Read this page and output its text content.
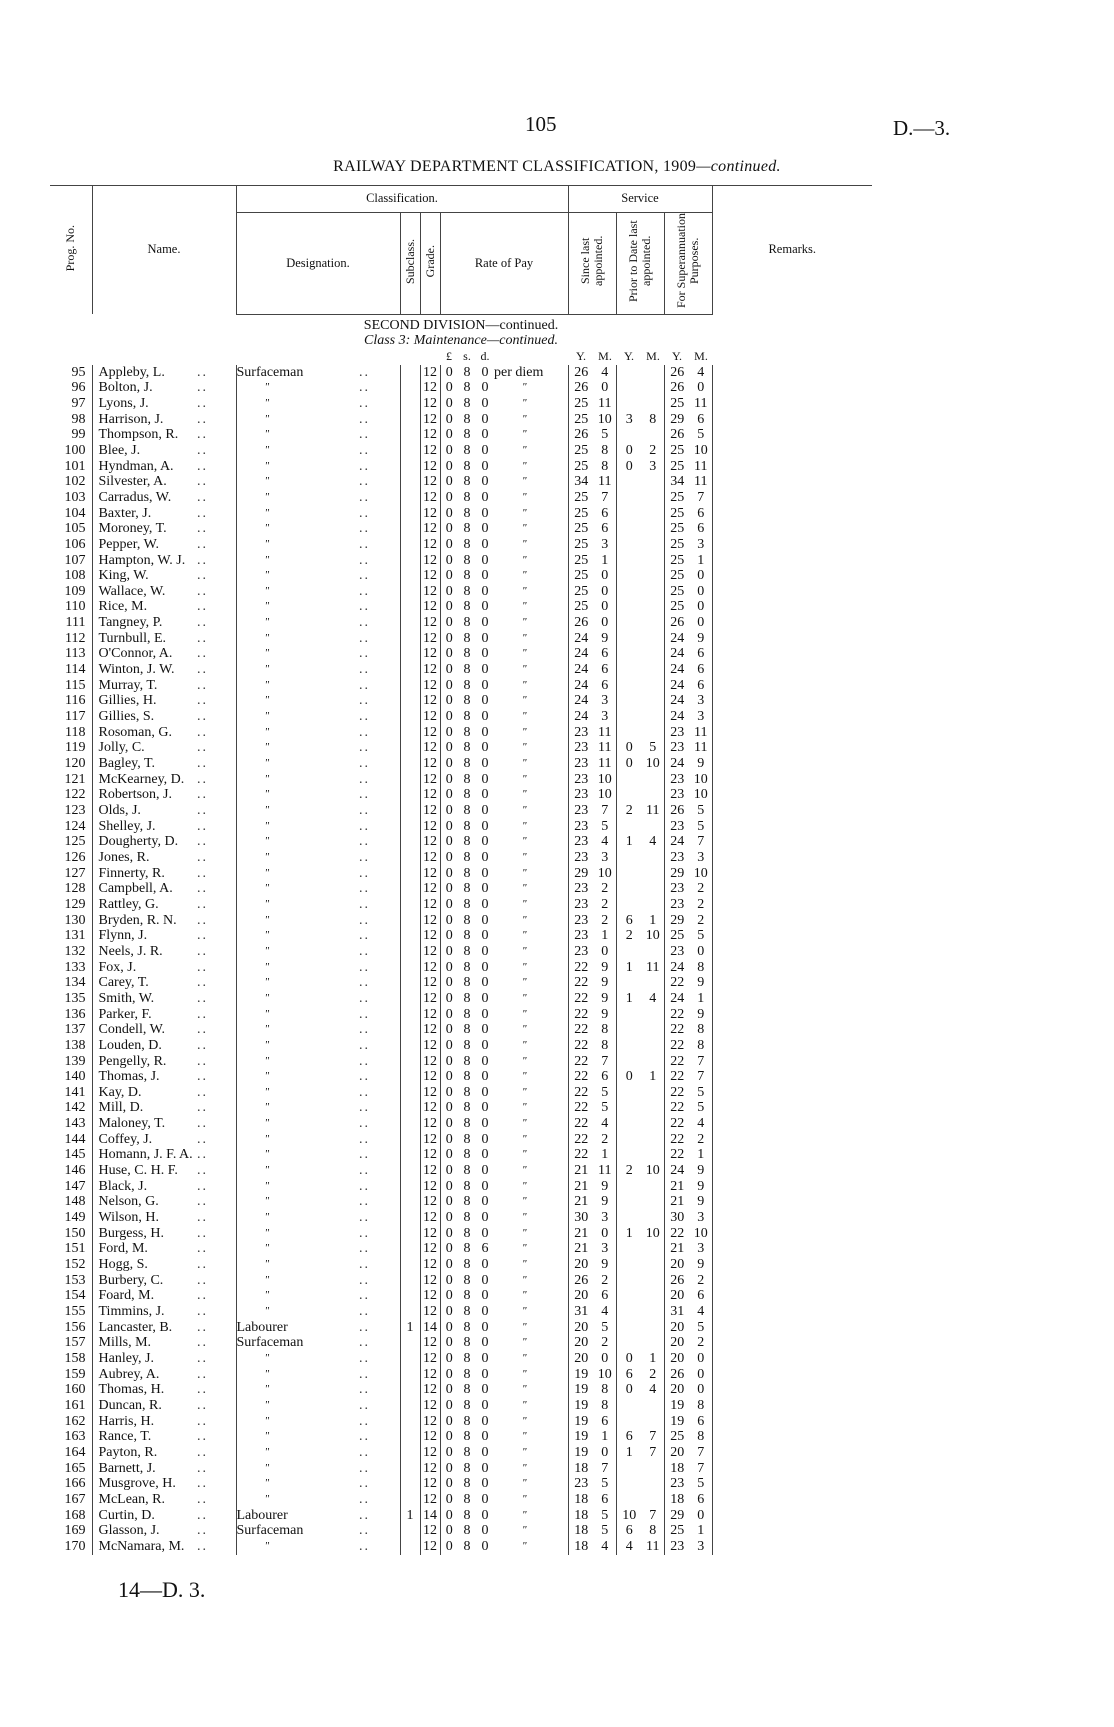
105	D.—3.
RAILWAY DEPARTMENT CLASSIFICATION, 1909—continued.
Prog. No.	Name.		Classification.								Service						Remarks.
			Designation.		Subclass.	Grade.	Rate of Pay				Since last appointed.		Prior to Date last appointed.		For Superannuation Purposes.		
SECOND DIVISION—continued.																	
Class 3: Maintenance—continued.																	
							£	s.	d.		Y.	M.	Y.	M.	Y.	M.	
95	Appleby, L.	..	Surfaceman	..		12	0	8	0	per diem	26	4			26	4	
96	Bolton, J.	..	"	..		12	0	8	0	"	26	0			26	0	
97	Lyons, J.	..	"	..		12	0	8	0	"	25	11			25	11	
98	Harrison, J.	..	"	..		12	0	8	0	"	25	10	3	8	29	6	
99	Thompson, R.	..	"	..		12	0	8	0	"	26	5			26	5	
100	Blee, J.	..	"	..		12	0	8	0	"	25	8	0	2	25	10	
101	Hyndman, A.	..	"	..		12	0	8	0	"	25	8	0	3	25	11	
102	Silvester, A.	..	"	..		12	0	8	0	"	34	11			34	11	
103	Carradus, W.	..	"	..		12	0	8	0	"	25	7			25	7	
104	Baxter, J.	..	"	..		12	0	8	0	"	25	6			25	6	
105	Moroney, T.	..	"	..		12	0	8	0	"	25	6			25	6	
106	Pepper, W.	..	"	..		12	0	8	0	"	25	3			25	3	
107	Hampton, W. J.	..	"	..		12	0	8	0	"	25	1			25	1	
108	King, W.	..	"	..		12	0	8	0	"	25	0			25	0	
109	Wallace, W.	..	"	..		12	0	8	0	"	25	0			25	0	
110	Rice, M.	..	"	..		12	0	8	0	"	25	0			25	0	
111	Tangney, P.	..	"	..		12	0	8	0	"	26	0			26	0	
112	Turnbull, E.	..	"	..		12	0	8	0	"	24	9			24	9	
113	O'Connor, A.	..	"	..		12	0	8	0	"	24	6			24	6	
114	Winton, J. W.	..	"	..		12	0	8	0	"	24	6			24	6	
115	Murray, T.	..	"	..		12	0	8	0	"	24	6			24	6	
116	Gillies, H.	..	"	..		12	0	8	0	"	24	3			24	3	
117	Gillies, S.	..	"	..		12	0	8	0	"	24	3			24	3	
118	Rosoman, G.	..	"	..		12	0	8	0	"	23	11			23	11	
119	Jolly, C.	..	"	..		12	0	8	0	"	23	11	0	5	23	11	
120	Bagley, T.	..	"	..		12	0	8	0	"	23	11	0	10	24	9	
121	McKearney, D.	..	"	..		12	0	8	0	"	23	10			23	10	
122	Robertson, J.	..	"	..		12	0	8	0	"	23	10			23	10	
123	Olds, J.	..	"	..		12	0	8	0	"	23	7	2	11	26	5	
124	Shelley, J.	..	"	..		12	0	8	0	"	23	5			23	5	
125	Dougherty, D.	..	"	..		12	0	8	0	"	23	4	1	4	24	7	
126	Jones, R.	..	"	..		12	0	8	0	"	23	3			23	3	
127	Finnerty, R.	..	"	..		12	0	8	0	"	29	10			29	10	
128	Campbell, A.	..	"	..		12	0	8	0	"	23	2			23	2	
129	Rattley, G.	..	"	..		12	0	8	0	"	23	2			23	2	
130	Bryden, R. N.	..	"	..		12	0	8	0	"	23	2	6	1	29	2	
131	Flynn, J.	..	"	..		12	0	8	0	"	23	1	2	10	25	5	
132	Neels, J. R.	..	"	..		12	0	8	0	"	23	0			23	0	
133	Fox, J.	..	"	..		12	0	8	0	"	22	9	1	11	24	8	
134	Carey, T.	..	"	..		12	0	8	0	"	22	9			22	9	
135	Smith, W.	..	"	..		12	0	8	0	"	22	9	1	4	24	1	
136	Parker, F.	..	"	..		12	0	8	0	"	22	9			22	9	
137	Condell, W.	..	"	..		12	0	8	0	"	22	8			22	8	
138	Louden, D.	..	"	..		12	0	8	0	"	22	8			22	8	
139	Pengelly, R.	..	"	..		12	0	8	0	"	22	7			22	7	
140	Thomas, J.	..	"	..		12	0	8	0	"	22	6	0	1	22	7	
141	Kay, D.	..	"	..		12	0	8	0	"	22	5			22	5	
142	Mill, D.	..	"	..		12	0	8	0	"	22	5			22	5	
143	Maloney, T.	..	"	..		12	0	8	0	"	22	4			22	4	
144	Coffey, J.	..	"	..		12	0	8	0	"	22	2			22	2	
145	Homann, J. F. A.	..	"	..		12	0	8	0	"	22	1			22	1	
146	Huse, C. H. F.	..	"	..		12	0	8	0	"	21	11	2	10	24	9	
147	Black, J.	..	"	..		12	0	8	0	"	21	9			21	9	
148	Nelson, G.	..	"	..		12	0	8	0	"	21	9			21	9	
149	Wilson, H.	..	"	..		12	0	8	0	"	30	3			30	3	
150	Burgess, H.	..	"	..		12	0	8	0	"	21	0	1	10	22	10	
151	Ford, M.	..	"	..		12	0	8	6	"	21	3			21	3	
152	Hogg, S.	..	"	..		12	0	8	0	"	20	9			20	9	
153	Burbery, C.	..	"	..		12	0	8	0	"	26	2			26	2	
154	Foard, M.	..	"	..		12	0	8	0	"	20	6			20	6	
155	Timmins, J.	..	"	..		12	0	8	0	"	31	4			31	4	
156	Lancaster, B.	..	Labourer	..	1	14	0	8	0	"	20	5			20	5	
157	Mills, M.	..	Surfaceman	..		12	0	8	0	"	20	2			20	2	
158	Hanley, J.	..	"	..		12	0	8	0	"	20	0	0	1	20	0	
159	Aubrey, A.	..	"	..		12	0	8	0	"	19	10	6	2	26	0	
160	Thomas, H.	..	"	..		12	0	8	0	"	19	8	0	4	20	0	
161	Duncan, R.	..	"	..		12	0	8	0	"	19	8			19	8	
162	Harris, H.	..	"	..		12	0	8	0	"	19	6			19	6	
163	Rance, T.	..	"	..		12	0	8	0	"	19	1	6	7	25	8	
164	Payton, R.	..	"	..		12	0	8	0	"	19	0	1	7	20	7	
165	Barnett, J.	..	"	..		12	0	8	0	"	18	7			18	7	
166	Musgrove, H.	..	"	..		12	0	8	0	"	23	5			23	5	
167	McLean, R.	..	"	..		12	0	8	0	"	18	6			18	6	
168	Curtin, D.	..	Labourer	..	1	14	0	8	0	"	18	5	10	7	29	0	
169	Glasson, J.	..	Surfaceman	..		12	0	8	0	"	18	5	6	8	25	1	
170	McNamara, M.	..	"	..		12	0	8	0	"	18	4	4	11	23	3	
14—D. 3.
